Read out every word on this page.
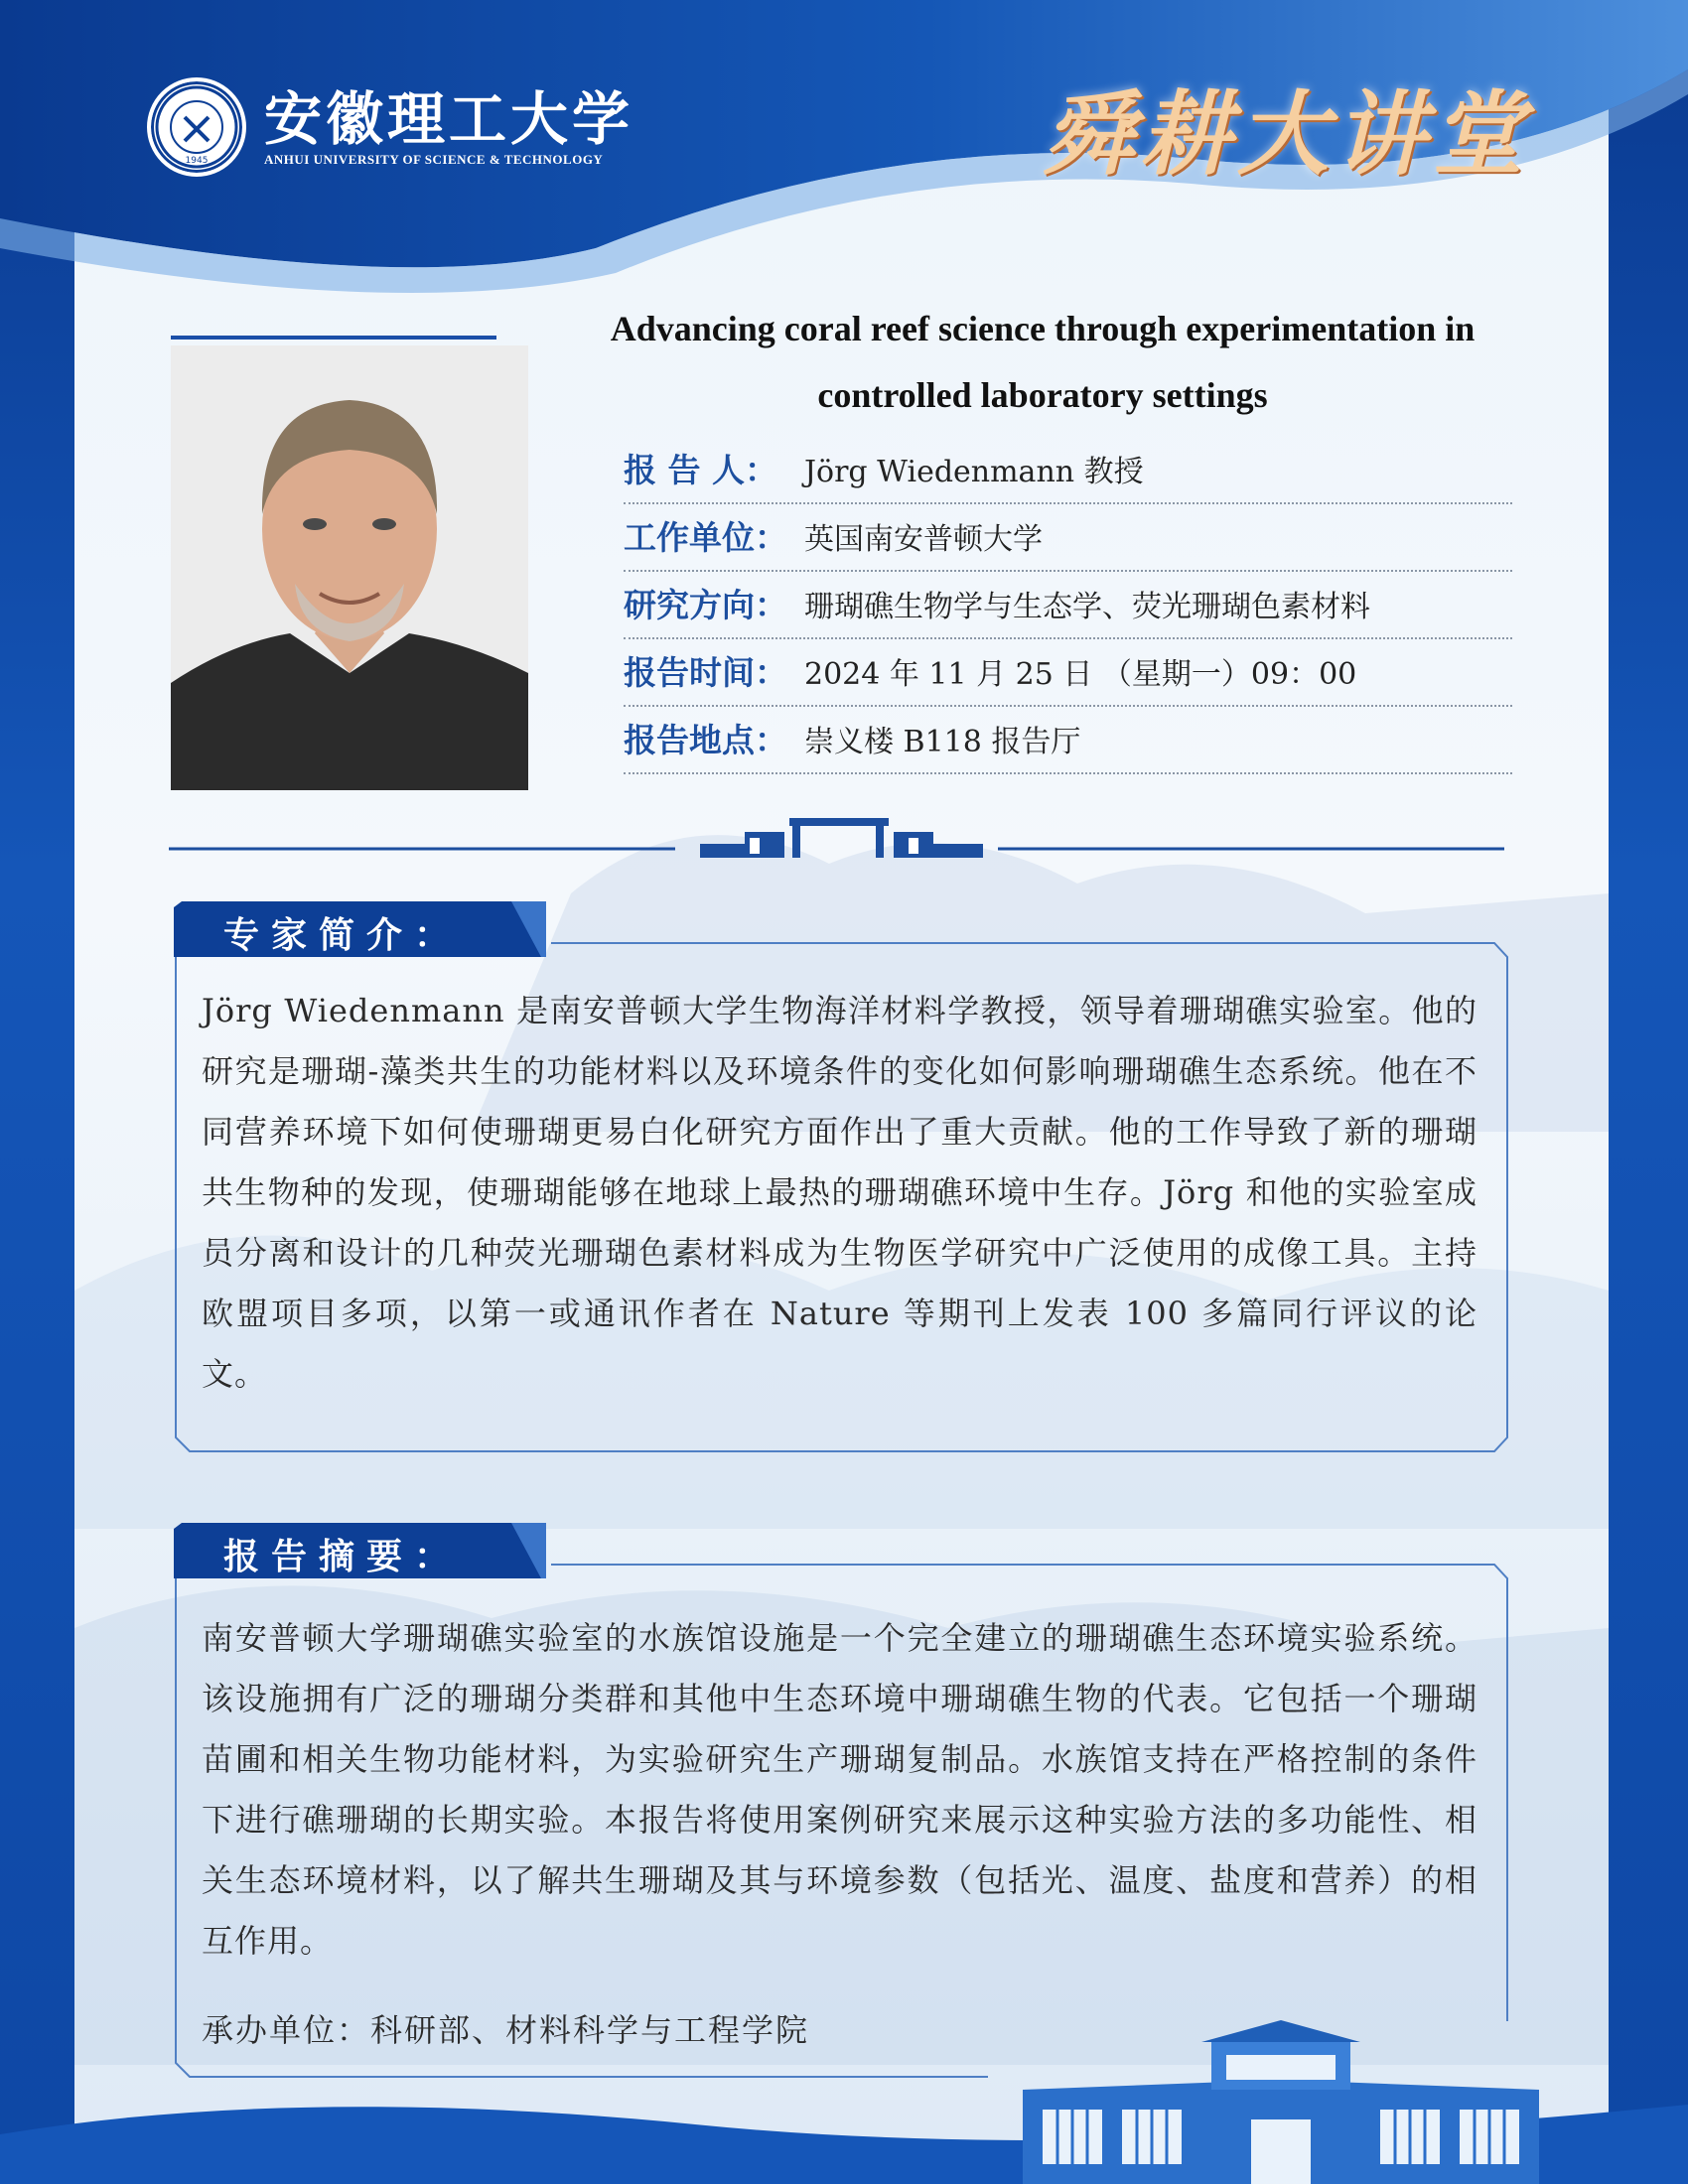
1945
安徽理工大学
ANHUI UNIVERSITY OF SCIENCE & TECHNOLOGY	舜耕大讲堂
Advancing coral reef science through experimentation in controlled laboratory settings
报 告 人： Jörg Wiedenmann 教授
工作单位： 英国南安普顿大学
研究方向： 珊瑚礁生物学与生态学、荧光珊瑚色素材料
报告时间： 2024 年 11 月 25 日 （星期一）09：00
报告地点： 崇义楼 B118 报告厅
专家简介：
Jörg Wiedenmann 是南安普顿大学生物海洋材料学教授，领导着珊瑚礁实验室。他的研究是珊瑚-藻类共生的功能材料以及环境条件的变化如何影响珊瑚礁生态系统。他在不同营养环境下如何使珊瑚更易白化研究方面作出了重大贡献。他的工作导致了新的珊瑚共生物种的发现，使珊瑚能够在地球上最热的珊瑚礁环境中生存。Jörg 和他的实验室成员分离和设计的几种荧光珊瑚色素材料成为生物医学研究中广泛使用的成像工具。主持欧盟项目多项，以第一或通讯作者在 Nature 等期刊上发表 100 多篇同行评议的论文。
报告摘要：
南安普顿大学珊瑚礁实验室的水族馆设施是一个完全建立的珊瑚礁生态环境实验系统。该设施拥有广泛的珊瑚分类群和其他中生态环境中珊瑚礁生物的代表。它包括一个珊瑚苗圃和相关生物功能材料，为实验研究生产珊瑚复制品。水族馆支持在严格控制的条件下进行礁珊瑚的长期实验。本报告将使用案例研究来展示这种实验方法的多功能性、相关生态环境材料，以了解共生珊瑚及其与环境参数（包括光、温度、盐度和营养）的相互作用。
承办单位：科研部、材料科学与工程学院
